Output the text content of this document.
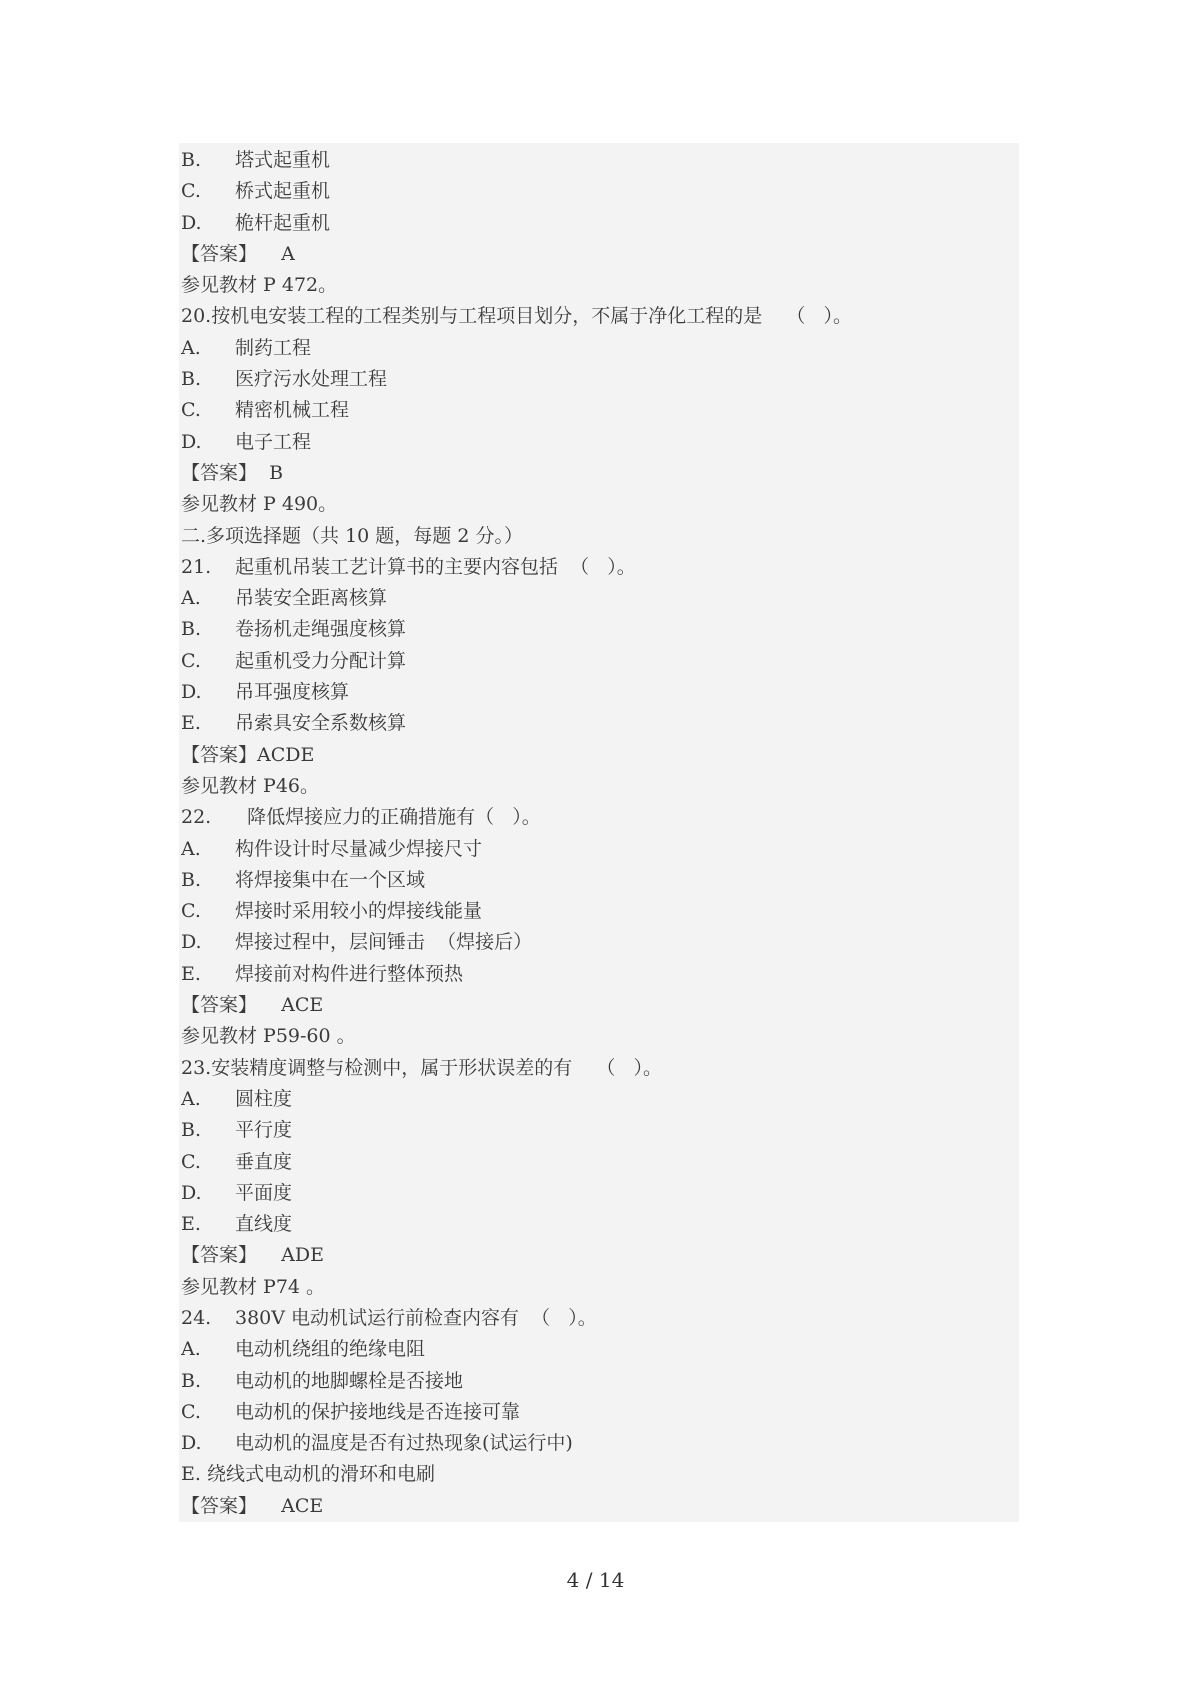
B. 塔式起重机
C. 桥式起重机
D. 桅杆起重机
【答案】    A
参见教材 P 472。
20.按机电安装工程的工程类别与工程项目划分，不属于净化工程的是    （   ）。
A. 制药工程
B. 医疗污水处理工程
C. 精密机械工程
D. 电子工程
【答案】  B
参见教材 P 490。
二.多项选择题（共 10 题，每题 2 分。）
21. 起重机吊装工艺计算书的主要内容包括  （   ）。
A. 吊装安全距离核算
B. 卷扬机走绳强度核算
C. 起重机受力分配计算
D. 吊耳强度核算
E. 吊索具安全系数核算
【答案】ACDE
参见教材 P46。
22.  降低焊接应力的正确措施有（   ）。
A. 构件设计时尽量减少焊接尺寸
B. 将焊接集中在一个区域
C. 焊接时采用较小的焊接线能量
D. 焊接过程中，层间锤击  （焊接后）
E. 焊接前对构件进行整体预热
【答案】    ACE
参见教材 P59-60 。
23.安装精度调整与检测中，属于形状误差的有    （   ）。
A. 圆柱度
B. 平行度
C. 垂直度
D. 平面度
E. 直线度
【答案】    ADE
参见教材 P74 。
24. 380V 电动机试运行前检查内容有  （   ）。
A. 电动机绕组的绝缘电阻
B. 电动机的地脚螺栓是否接地
C. 电动机的保护接地线是否连接可靠
D. 电动机的温度是否有过热现象(试运行中)
E. 绕线式电动机的滑环和电刷
【答案】    ACE
4 / 14
